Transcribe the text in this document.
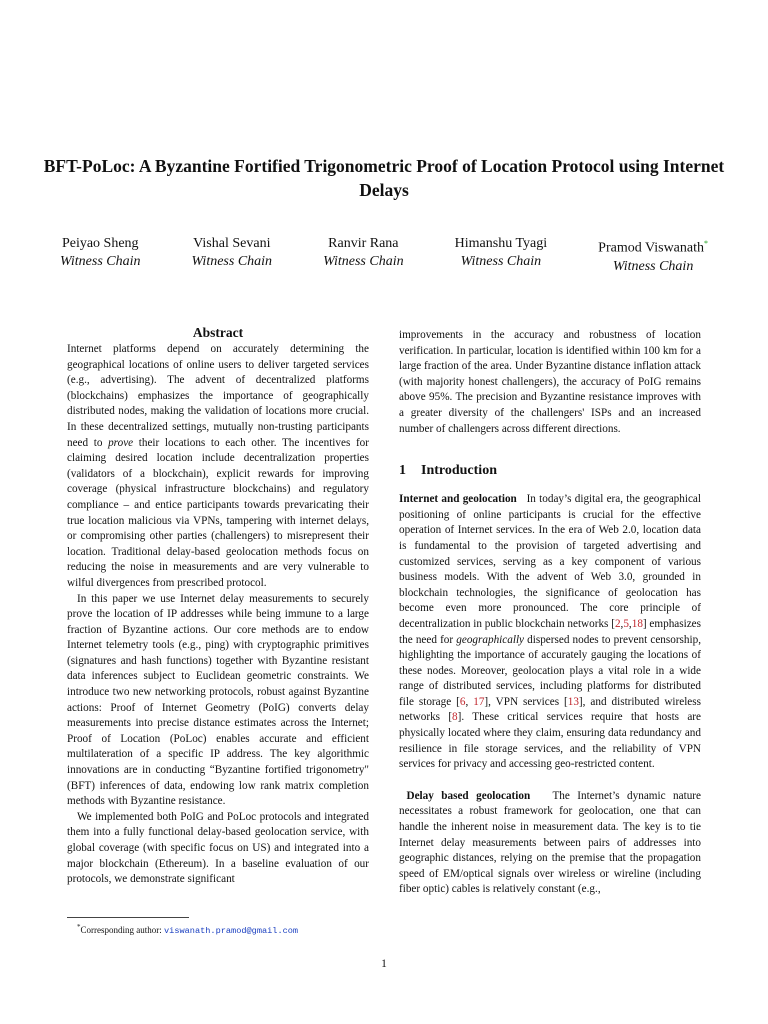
BFT-PoLoc: A Byzantine Fortified Trigonometric Proof of Location Protocol using Internet Delays
Peiyao Sheng
Witness Chain
Vishal Sevani
Witness Chain
Ranvir Rana
Witness Chain
Himanshu Tyagi
Witness Chain
Pramod Viswanath*
Witness Chain
Abstract

Internet platforms depend on accurately determining the geographical locations of online users to deliver targeted services (e.g., advertising). The advent of decentralized platforms (blockchains) emphasizes the importance of geographically distributed nodes, making the validation of locations more crucial. In these decentralized settings, mutually non-trusting participants need to prove their locations to each other. The incentives for claiming desired location include decentralization properties (validators of a blockchain), explicit rewards for improving coverage (physical infrastructure blockchains) and regulatory compliance – and entice participants towards prevaricating their true location malicious via VPNs, tampering with internet delays, or compromising other parties (challengers) to misrepresent their location. Traditional delay-based geolocation methods focus on reducing the noise in measurements and are very vulnerable to wilful divergences from prescribed protocol.

In this paper we use Internet delay measurements to securely prove the location of IP addresses while being immune to a large fraction of Byzantine actions. Our core methods are to endow Internet telemetry tools (e.g., ping) with cryptographic primitives (signatures and hash functions) together with Byzantine resistant data inferences subject to Euclidean geometric constraints. We introduce two new networking protocols, robust against Byzantine actions: Proof of Internet Geometry (PoIG) converts delay measurements into precise distance estimates across the Internet; Proof of Location (PoLoc) enables accurate and efficient multilateration of a specific IP address. The key algorithmic innovations are in conducting “Byzantine fortified trigonometry" (BFT) inferences of data, endowing low rank matrix completion methods with Byzantine resistance.

We implemented both PoIG and PoLoc protocols and integrated them into a fully functional delay-based geolocation service, with global coverage (with specific focus on US) and integrated into a major blockchain (Ethereum). In a baseline evaluation of our protocols, we demonstrate significant

improvements in the accuracy and robustness of location verification. In particular, location is identified within 100 km for a large fraction of the area. Under Byzantine distance inflation attack (with majority honest challengers), the accuracy of PoIG remains above 95%. The precision and Byzantine resistance improves with a greater diversity of the challengers' ISPs and an increased number of challengers across different directions.

1 Introduction

Internet and geolocation In today’s digital era, the geographical positioning of online participants is crucial for the effective operation of Internet services. In the era of Web 2.0, location data is fundamental to the provision of targeted advertising and customized services, serving as a key component of various business models. With the advent of Web 3.0, grounded in blockchain technologies, the significance of geolocation has become even more pronounced. The core principle of decentralization in public blockchain networks [2,5,18] emphasizes the need for geographically dispersed nodes to prevent censorship, highlighting the importance of accurately gauging the locations of these nodes. Moreover, geolocation plays a vital role in a wide range of distributed services, including platforms for distributed file storage [6, 17], VPN services [13], and distributed wireless networks [8]. These critical services require that hosts are physically located where they claim, ensuring data redundancy and resilience in file storage services, and the reliability of VPN services for privacy and accessing geo-restricted content.

Delay based geolocation The Internet’s dynamic nature necessitates a robust framework for geolocation, one that can handle the inherent noise in measurement data. The key is to tie Internet delay measurements between pairs of addresses into geographic distances, relying on the premise that the propagation speed of EM/optical signals over wireless or wireline (including fiber optic) cables is relatively constant (e.g.,

*Corresponding author: viswanath.pramod@gmail.com
1
